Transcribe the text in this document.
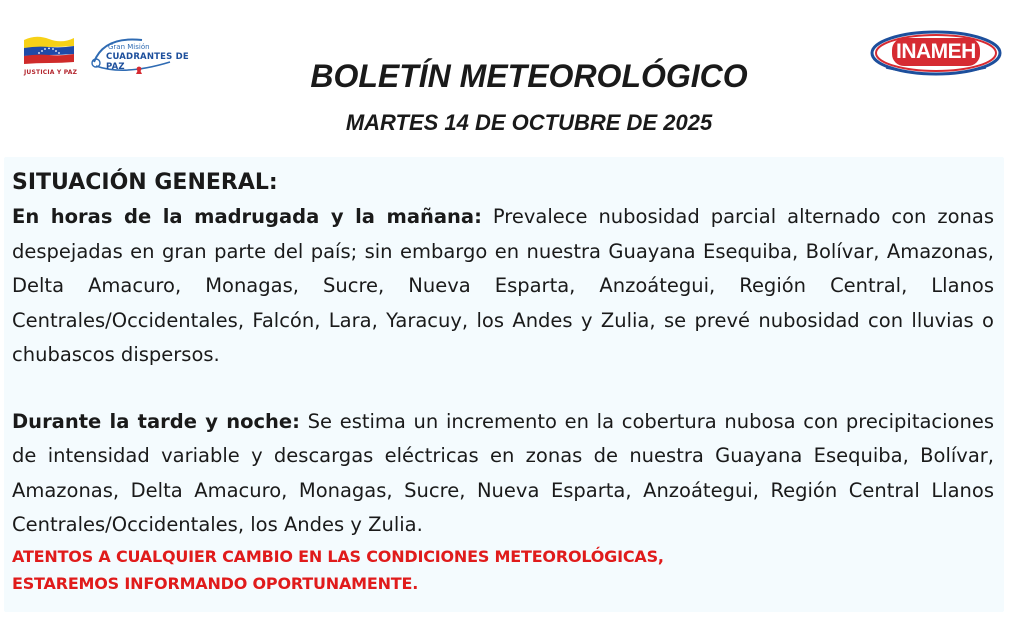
JUSTICIA Y PAZ
Gran Misión
CUADRANTES DE PAZ
INAMEH
BOLETÍN METEOROLÓGICO
MARTES 14 DE OCTUBRE DE 2025
SITUACIÓN GENERAL:

En horas de la madrugada y la mañana: Prevalece nubosidad parcial alternado con zonas despejadas en gran parte del país; sin embargo en nuestra Guayana Esequiba, Bolívar, Amazonas, Delta Amacuro, Monagas, Sucre, Nueva Esparta, Anzoátegui, Región Central, Llanos Centrales/Occidentales, Falcón, Lara, Yaracuy, los Andes y Zulia, se prevé nubosidad con lluvias o chubascos dispersos.

Durante la tarde y noche: Se estima un incremento en la cobertura nubosa con precipitaciones de intensidad variable y descargas eléctricas en zonas de nuestra Guayana Esequiba, Bolívar, Amazonas, Delta Amacuro, Monagas, Sucre, Nueva Esparta, Anzoátegui, Región Central Llanos Centrales/Occidentales, los Andes y Zulia.

ATENTOS A CUALQUIER CAMBIO EN LAS CONDICIONES METEOROLÓGICAS,
ESTAREMOS INFORMANDO OPORTUNAMENTE.
